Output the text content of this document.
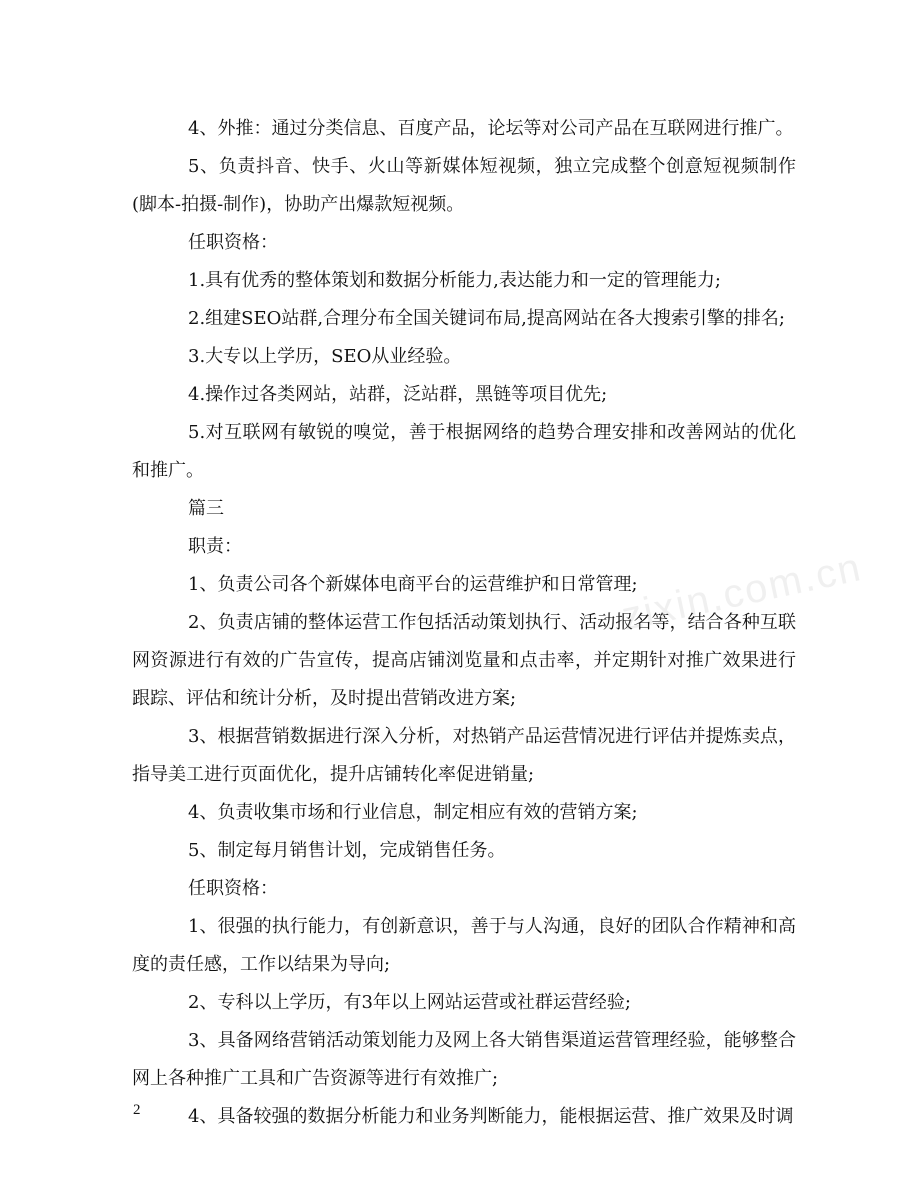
4、外推：通过分类信息、百度产品，论坛等对公司产品在互联网进行推广。

5、负责抖音、快手、火山等新媒体短视频，独立完成整个创意短视频制作(脚本-拍摄-制作)，协助产出爆款短视频。

任职资格：

1.具有优秀的整体策划和数据分析能力,表达能力和一定的管理能力;

2.组建SEO站群,合理分布全国关键词布局,提高网站在各大搜索引擎的排名;

3.大专以上学历，SEO从业经验。

4.操作过各类网站，站群，泛站群，黑链等项目优先;

5.对互联网有敏锐的嗅觉，善于根据网络的趋势合理安排和改善网站的优化和推广。

篇三

职责：

1、负责公司各个新媒体电商平台的运营维护和日常管理;

2、负责店铺的整体运营工作包括活动策划执行、活动报名等，结合各种互联网资源进行有效的广告宣传，提高店铺浏览量和点击率，并定期针对推广效果进行跟踪、评估和统计分析，及时提出营销改进方案;

3、根据营销数据进行深入分析，对热销产品运营情况进行评估并提炼卖点，指导美工进行页面优化，提升店铺转化率促进销量;

4、负责收集市场和行业信息，制定相应有效的营销方案;

5、制定每月销售计划，完成销售任务。

任职资格：

1、很强的执行能力，有创新意识，善于与人沟通，良好的团队合作精神和高度的责任感，工作以结果为导向;

2、专科以上学历，有3年以上网站运营或社群运营经验;

3、具备网络营销活动策划能力及网上各大销售渠道运营管理经验，能够整合网上各种推广工具和广告资源等进行有效推广;

4、具备较强的数据分析能力和业务判断能力，能根据运营、推广效果及时调

zixin.com.cn
2
